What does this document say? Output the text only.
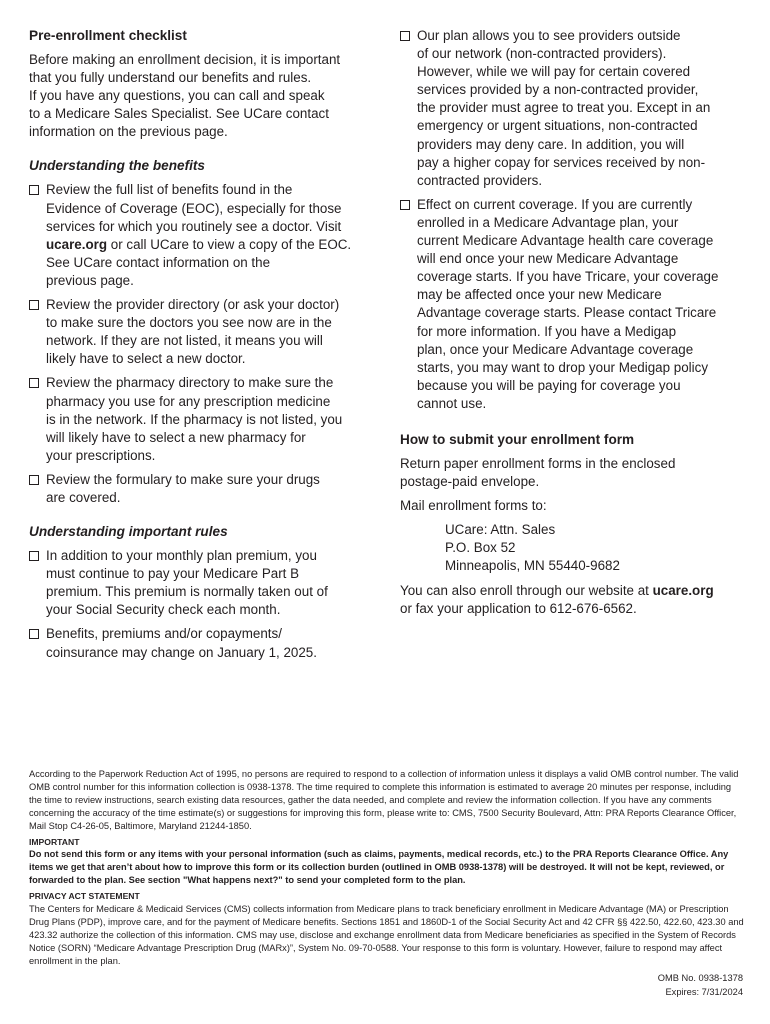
Pre-enrollment checklist
Before making an enrollment decision, it is important
that you fully understand our benefits and rules.
If you have any questions, you can call and speak
to a Medicare Sales Specialist. See UCare contact
information on the previous page.
Understanding the benefits
Review the full list of benefits found in the
Evidence of Coverage (EOC), especially for those
services for which you routinely see a doctor. Visit
ucare.org or call UCare to view a copy of the EOC.
See UCare contact information on the
previous page.
Review the provider directory (or ask your doctor)
to make sure the doctors you see now are in the
network. If they are not listed, it means you will
likely have to select a new doctor.
Review the pharmacy directory to make sure the
pharmacy you use for any prescription medicine
is in the network. If the pharmacy is not listed, you
will likely have to select a new pharmacy for
your prescriptions.
Review the formulary to make sure your drugs
are covered.
Understanding important rules
In addition to your monthly plan premium, you
must continue to pay your Medicare Part B
premium. This premium is normally taken out of
your Social Security check each month.
Benefits, premiums and/or copayments/
coinsurance may change on January 1, 2025.
Our plan allows you to see providers outside
of our network (non-contracted providers).
However, while we will pay for certain covered
services provided by a non-contracted provider,
the provider must agree to treat you. Except in an
emergency or urgent situations, non-contracted
providers may deny care. In addition, you will
pay a higher copay for services received by non-
contracted providers.
Effect on current coverage. If you are currently
enrolled in a Medicare Advantage plan, your
current Medicare Advantage health care coverage
will end once your new Medicare Advantage
coverage starts. If you have Tricare, your coverage
may be affected once your new Medicare
Advantage coverage starts. Please contact Tricare
for more information. If you have a Medigap
plan, once your Medicare Advantage coverage
starts, you may want to drop your Medigap policy
because you will be paying for coverage you
cannot use.
How to submit your enrollment form
Return paper enrollment forms in the enclosed
postage-paid envelope.
Mail enrollment forms to:
UCare: Attn. Sales
P.O. Box 52
Minneapolis, MN 55440-9682
You can also enroll through our website at ucare.org
or fax your application to 612-676-6562.
According to the Paperwork Reduction Act of 1995, no persons are required to respond to a collection of information unless it displays a valid OMB control number. The valid OMB control number for this information collection is 0938-1378. The time required to complete this information is estimated to average 20 minutes per response, including the time to review instructions, search existing data resources, gather the data needed, and complete and review the information collection. If you have any comments concerning the accuracy of the time estimate(s) or suggestions for improving this form, please write to: CMS, 7500 Security Boulevard, Attn: PRA Reports Clearance Officer, Mail Stop C4-26-05, Baltimore, Maryland 21244-1850.
IMPORTANT
Do not send this form or any items with your personal information (such as claims, payments, medical records, etc.) to the PRA Reports Clearance Office. Any items we get that aren’t about how to improve this form or its collection burden (outlined in OMB 0938-1378) will be destroyed. It will not be kept, reviewed, or forwarded to the plan. See section "What happens next?" to send your completed form to the plan.
PRIVACY ACT STATEMENT
The Centers for Medicare & Medicaid Services (CMS) collects information from Medicare plans to track beneficiary enrollment in Medicare Advantage (MA) or Prescription Drug Plans (PDP), improve care, and for the payment of Medicare benefits. Sections 1851 and 1860D-1 of the Social Security Act and 42 CFR §§ 422.50, 422.60, 423.30 and 423.32 authorize the collection of this information. CMS may use, disclose and exchange enrollment data from Medicare beneficiaries as specified in the System of Records Notice (SORN) “Medicare Advantage Prescription Drug (MARx)”, System No. 09-70-0588. Your response to this form is voluntary. However, failure to respond may affect enrollment in the plan.
OMB No. 0938-1378
Expires: 7/31/2024
